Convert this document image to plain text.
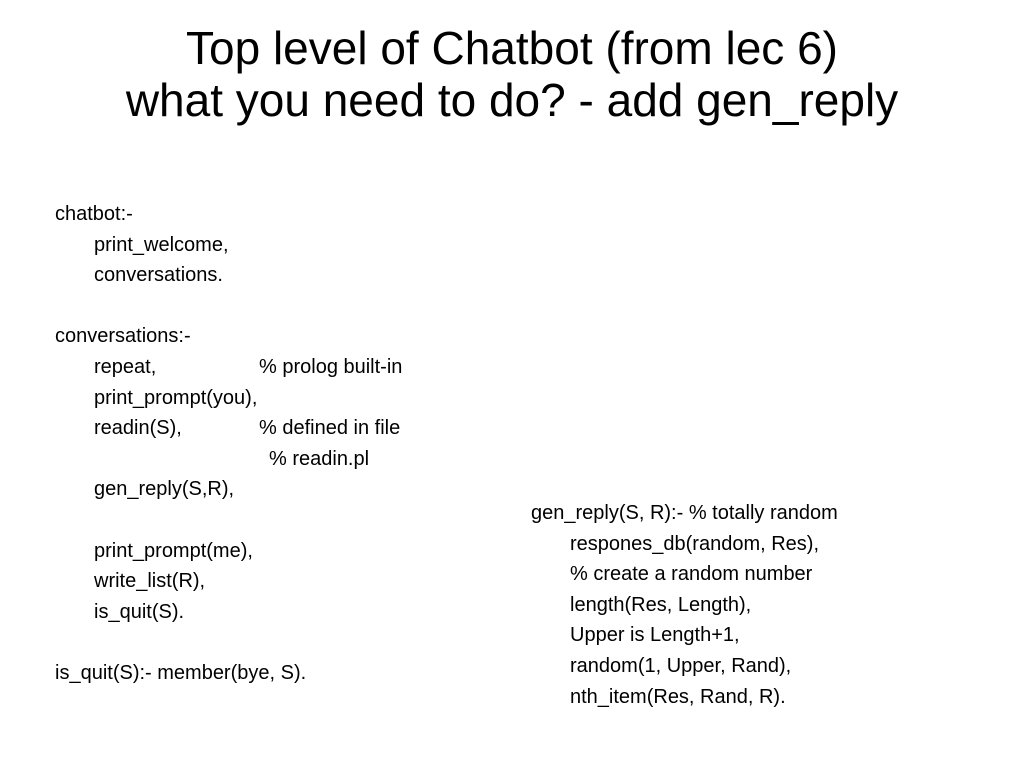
Top level of Chatbot (from lec 6)
what you need to do? - add gen_reply
chatbot:-
print_welcome,
conversations.
conversations:-
repeat,	% prolog built-in
print_prompt(you),
readin(S),	% defined in file
% readin.pl
gen_reply(S,R),
print_prompt(me),
write_list(R),
is_quit(S).
is_quit(S):- member(bye, S).
gen_reply(S, R):- % totally random
respones_db(random, Res),
% create a random number
length(Res, Length),
Upper is Length+1,
random(1, Upper, Rand),
nth_item(Res, Rand, R).
